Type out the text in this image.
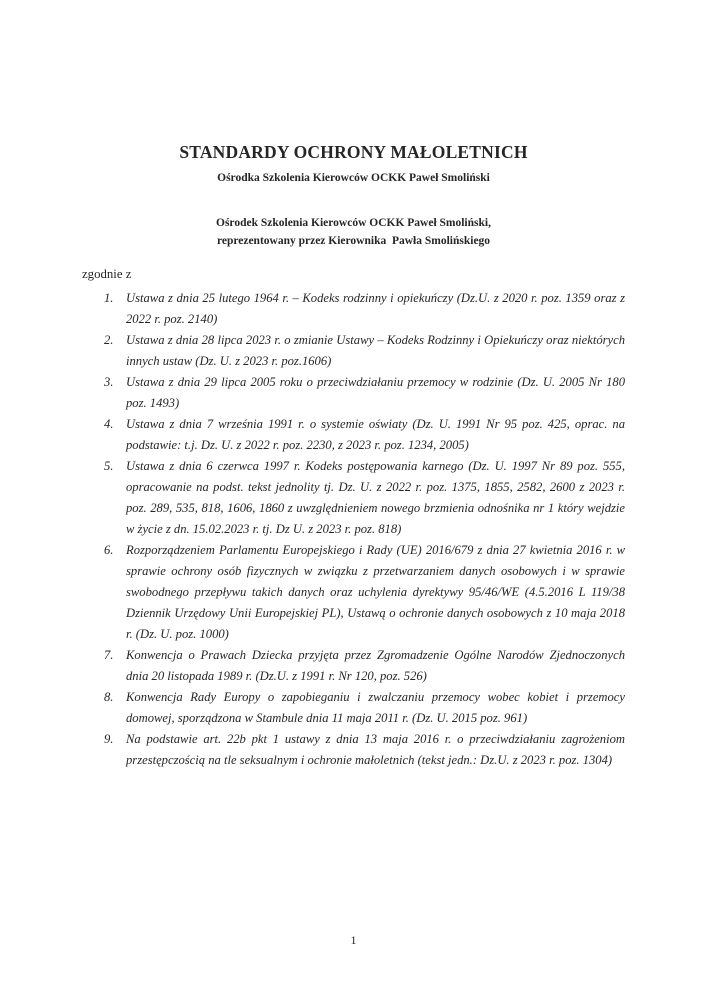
STANDARDY OCHRONY MAŁOLETNICH
Ośrodka Szkolenia Kierowców OCKK Paweł Smoliński
Ośrodek Szkolenia Kierowców OCKK Paweł Smoliński,
reprezentowany przez Kierownika  Pawła Smolińskiego
zgodnie z
1. Ustawa z dnia 25 lutego 1964 r. – Kodeks rodzinny i opiekuńczy (Dz.U. z 2020 r. poz. 1359 oraz z 2022 r. poz. 2140)
2. Ustawa z dnia 28 lipca 2023 r. o zmianie Ustawy – Kodeks Rodzinny i Opiekuńczy oraz niektórych innych ustaw (Dz. U. z 2023 r. poz.1606)
3. Ustawa z dnia 29 lipca 2005 roku o przeciwdziałaniu przemocy w rodzinie (Dz. U. 2005 Nr 180 poz. 1493)
4. Ustawa z dnia 7 września 1991 r. o systemie oświaty (Dz. U. 1991 Nr 95 poz. 425, oprac. na podstawie: t.j. Dz. U. z 2022 r. poz. 2230, z 2023 r. poz. 1234, 2005)
5. Ustawa z dnia 6 czerwca 1997 r. Kodeks postępowania karnego (Dz. U. 1997 Nr 89 poz. 555, opracowanie na podst. tekst jednolity tj. Dz. U. z 2022 r. poz. 1375, 1855, 2582, 2600 z 2023 r. poz. 289, 535, 818, 1606, 1860 z uwzględnieniem nowego brzmienia odnośnika nr 1 który wejdzie w życie z dn. 15.02.2023 r. tj. Dz U. z 2023 r. poz. 818)
6. Rozporządzeniem Parlamentu Europejskiego i Rady (UE) 2016/679 z dnia 27 kwietnia 2016 r. w sprawie ochrony osób fizycznych w związku z przetwarzaniem danych osobowych i w sprawie swobodnego przepływu takich danych oraz uchylenia dyrektywy 95/46/WE (4.5.2016 L 119/38 Dziennik Urzędowy Unii Europejskiej PL), Ustawą o ochronie danych osobowych z 10 maja 2018 r. (Dz. U. poz. 1000)
7. Konwencja o Prawach Dziecka przyjęta przez Zgromadzenie Ogólne Narodów Zjednoczonych dnia 20 listopada 1989 r. (Dz.U. z 1991 r. Nr 120, poz. 526)
8. Konwencja Rady Europy o zapobieganiu i zwalczaniu przemocy wobec kobiet i przemocy domowej, sporządzona w Stambule dnia 11 maja 2011 r. (Dz. U. 2015 poz. 961)
9. Na podstawie art. 22b pkt 1 ustawy z dnia 13 maja 2016 r. o przeciwdziałaniu zagrożeniom przestępczością na tle seksualnym i ochronie małoletnich (tekst jedn.: Dz.U. z 2023 r. poz. 1304)
1
